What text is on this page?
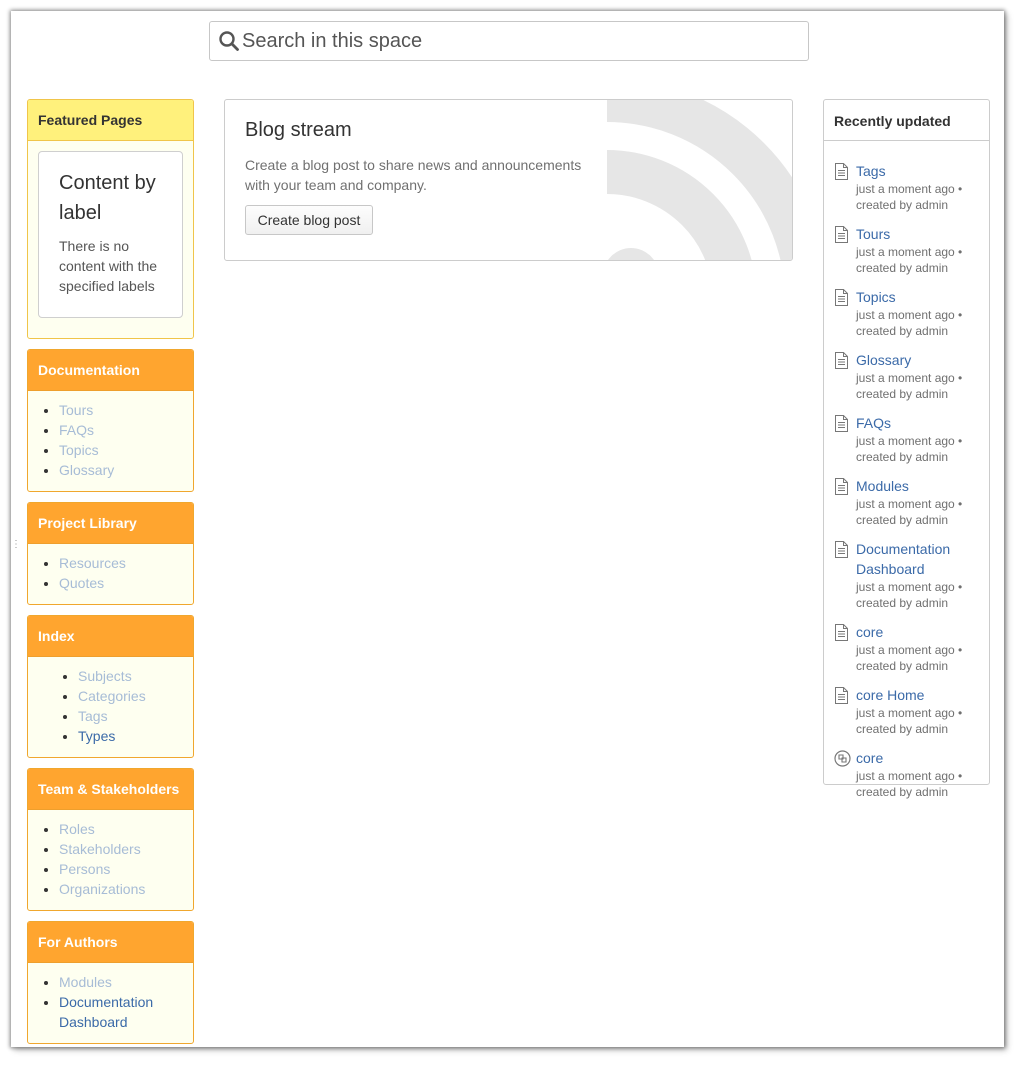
⋮
Search in this space
Featured Pages
Content by label

There is no content with the specified labels

Documentation
• Tours
• FAQs
• Topics
• Glossary
Project Library
• Resources
• Quotes
Index
• Subjects
• Categories
• Tags
• Types
Team & Stakeholders
• Roles
• Stakeholders
• Persons
• Organizations
For Authors
• Modules
• Documentation Dashboard
Blog stream

Create a blog post to share news and announcements with your team and company.

Create blog post
Recently updated
Tags
just a moment ago •
created by admin
Tours
just a moment ago •
created by admin
Topics
just a moment ago •
created by admin
Glossary
just a moment ago •
created by admin
FAQs
just a moment ago •
created by admin
Modules
just a moment ago •
created by admin
Documentation Dashboard
just a moment ago •
created by admin
core
just a moment ago •
created by admin
core Home
just a moment ago •
created by admin
core
just a moment ago •
created by admin
